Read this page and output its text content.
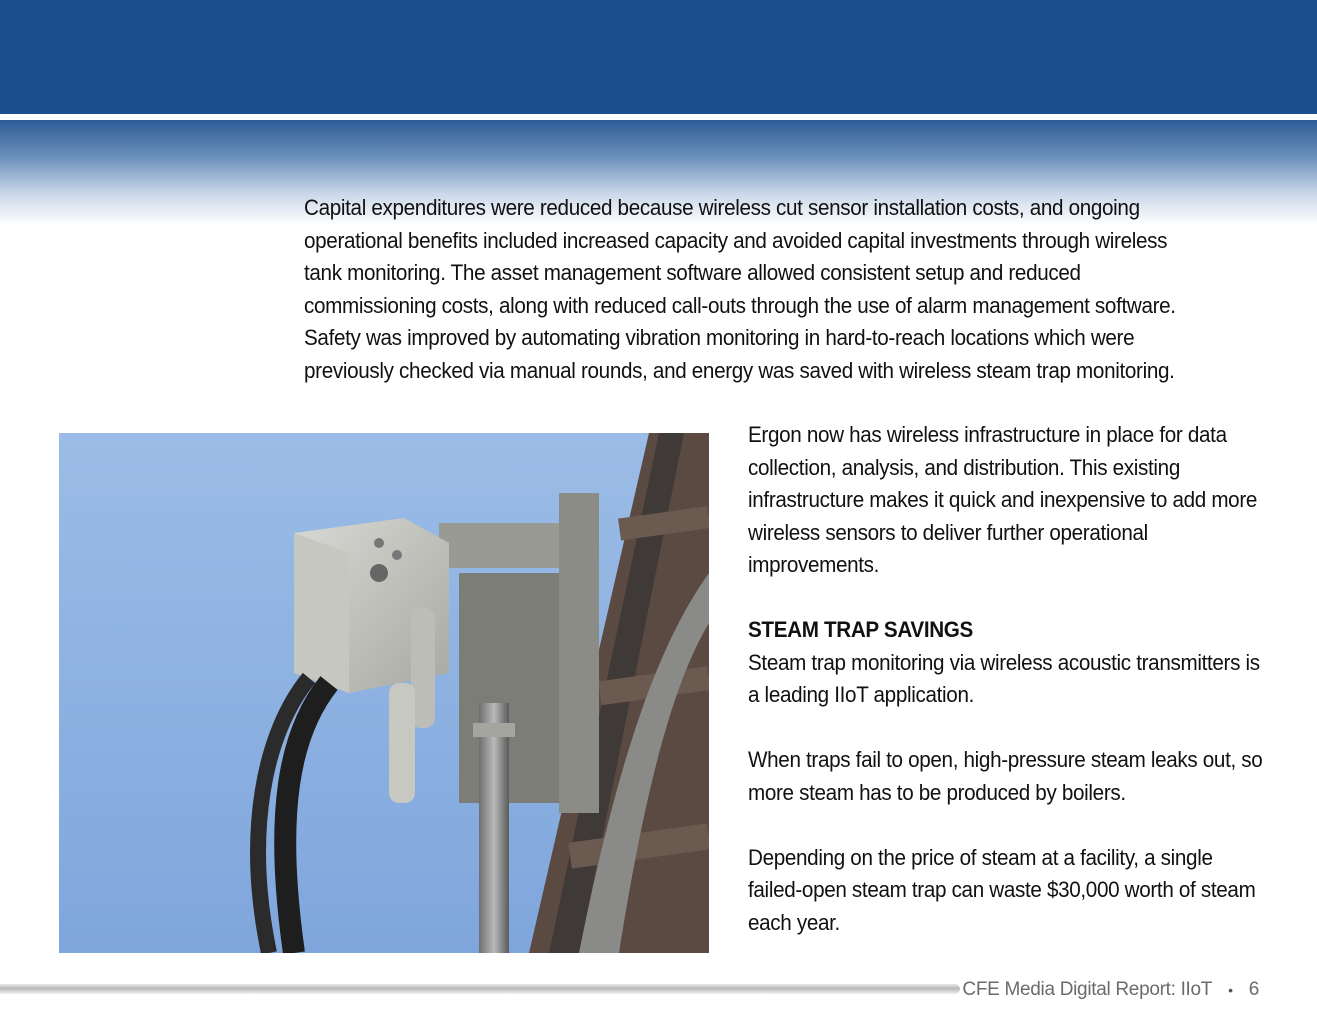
Capital expenditures were reduced because wireless cut sensor installation costs, and ongoing operational benefits included increased capacity and avoided capital investments through wireless tank monitoring. The asset management software allowed consistent setup and reduced commissioning costs, along with reduced call-outs through the use of alarm management software. Safety was improved by automating vibration monitoring in hard-to-reach locations which were previously checked via manual rounds, and energy was saved with wireless steam trap monitoring.

Ergon now has wireless infrastructure in place for data collection, analysis, and distribution. This existing infrastructure makes it quick and inexpensive to add more wireless sensors to deliver further operational improvements.

STEAM TRAP SAVINGS

Steam trap monitoring via wireless acoustic transmitters is a leading IIoT application.

When traps fail to open, high-pressure steam leaks out, so more steam has to be produced by boilers.

Depending on the price of steam at a facility, a single failed-open steam trap can waste $30,000 worth of steam each year.

CFE Media Digital Report: IIoT • 6
